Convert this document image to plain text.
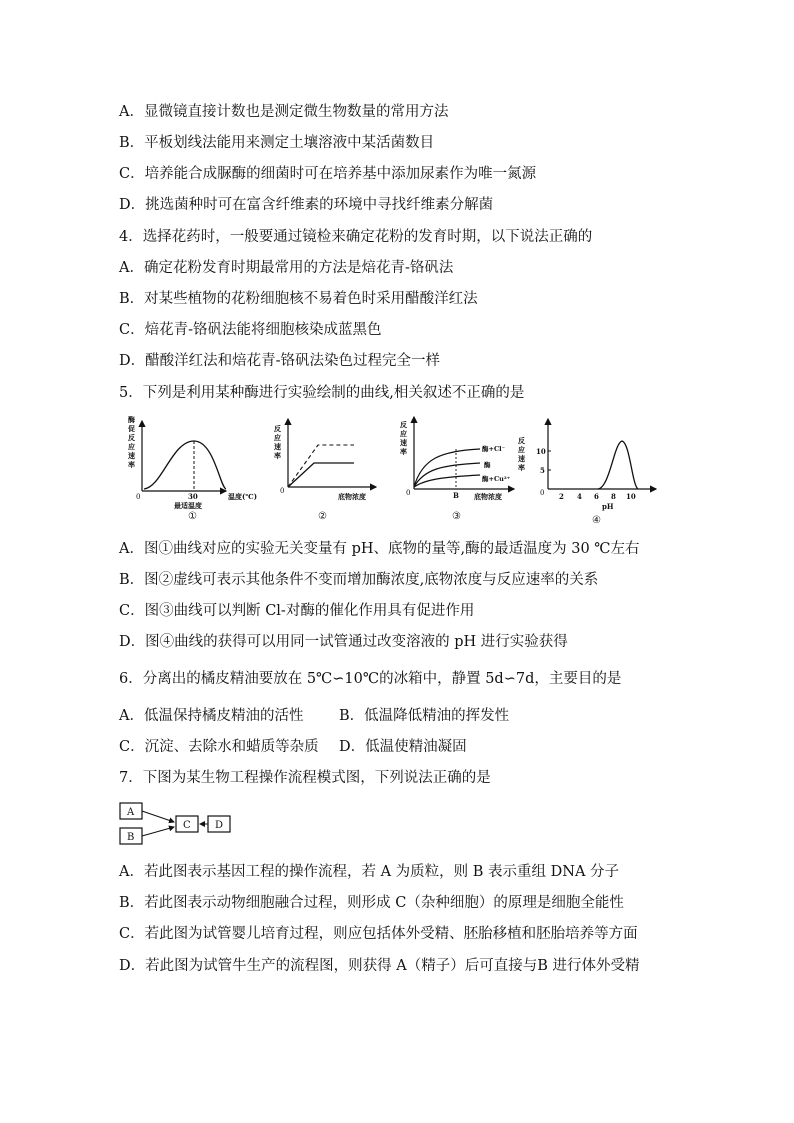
A．显微镜直接计数也是测定微生物数量的常用方法
B．平板划线法能用来测定土壤溶液中某活菌数目
C．培养能合成脲酶的细菌时可在培养基中添加尿素作为唯一氮源
D．挑选菌种时可在富含纤维素的环境中寻找纤维素分解菌
4．选择花药时，一般要通过镜检来确定花粉的发育时期，以下说法正确的
A．确定花粉发育时期最常用的方法是焙花青-铬矾法
B．对某些植物的花粉细胞核不易着色时采用醋酸洋红法
C．焙花青-铬矾法能将细胞核染成蓝黑色
D．醋酸洋红法和焙花青-铬矾法染色过程完全一样
5．下列是利用某种酶进行实验绘制的曲线,相关叙述不正确的是
酶
促
反
应
速
率
0	30
最适温度
温度(℃)
①
反
应
速
率
0
底物浓度
②
反
应
速
率	酶+Cl⁻
酶
酶+Cu²⁺
0	B 底物浓度
③
反
应
速
率
10
5
0 2 4 6 8 10
pH
④
A．图①曲线对应的实验无关变量有 pH、底物的量等,酶的最适温度为 30 ℃左右
B．图②虚线可表示其他条件不变而增加酶浓度,底物浓度与反应速率的关系
C．图③曲线可以判断 Cl-对酶的催化作用具有促进作用
D．图④曲线的获得可以用同一试管通过改变溶液的 pH 进行实验获得
6．分离出的橘皮精油要放在 5℃∽10℃的冰箱中，静置 5d∽7d，主要目的是
A．低温保持橘皮精油的活性 B．低温降低精油的挥发性
C．沉淀、去除水和蜡质等杂质 D．低温使精油凝固
7．下图为某生物工程操作流程模式图，下列说法正确的是
A
B
C D
A．若此图表示基因工程的操作流程，若 A 为质粒，则 B 表示重组 DNA 分子
B．若此图表示动物细胞融合过程，则形成 C（杂种细胞）的原理是细胞全能性
C．若此图为试管婴儿培育过程，则应包括体外受精、胚胎移植和胚胎培养等方面
D．若此图为试管牛生产的流程图，则获得 A（精子）后可直接与B 进行体外受精
